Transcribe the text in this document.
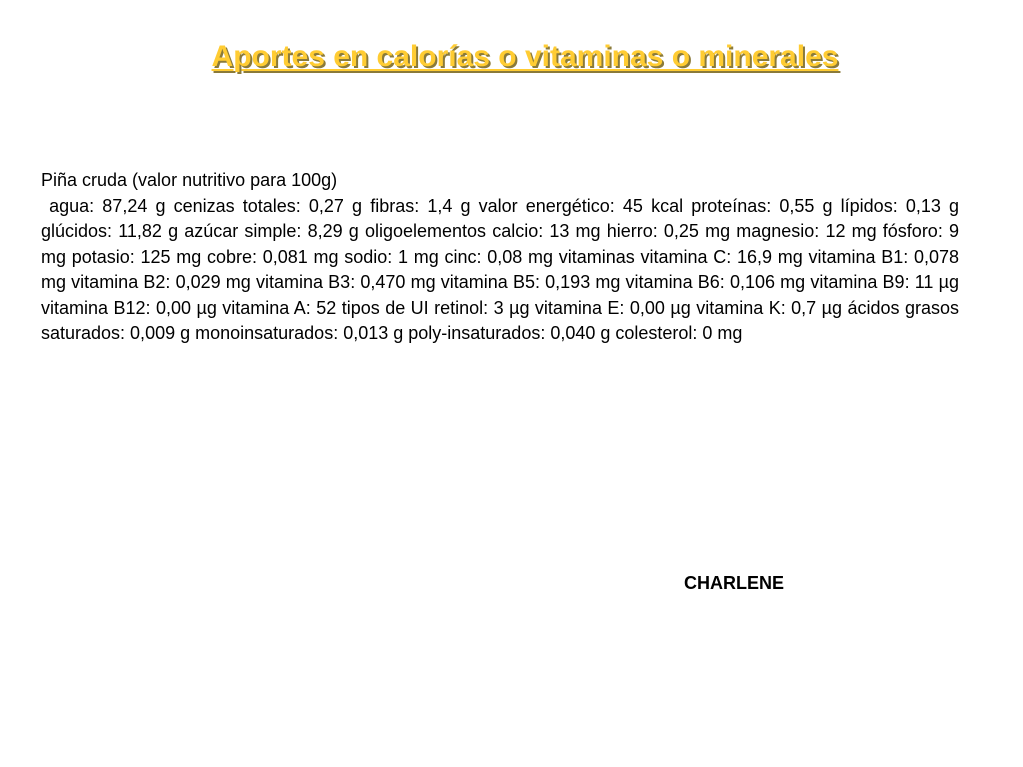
Aportes en calorías o vitaminas o minerales

Piña cruda (valor nutritivo para 100g)

agua: 87,24 g cenizas totales: 0,27 g fibras: 1,4 g valor energético: 45 kcal proteínas: 0,55 g lípidos: 0,13 g glúcidos: 11,82 g azúcar simple: 8,29 g oligoelementos calcio: 13 mg hierro: 0,25 mg magnesio: 12 mg fósforo: 9 mg potasio: 125 mg cobre: 0,081 mg sodio: 1 mg cinc: 0,08 mg vitaminas vitamina C: 16,9 mg vitamina B1: 0,078 mg vitamina B2: 0,029 mg vitamina B3: 0,470 mg vitamina B5: 0,193 mg vitamina B6: 0,106 mg vitamina B9: 11 µg vitamina B12: 0,00 µg vitamina A: 52 tipos de UI retinol: 3 µg vitamina E: 0,00 µg vitamina K: 0,7 µg ácidos grasos saturados: 0,009 g monoinsaturados: 0,013 g poly-insaturados: 0,040 g colesterol: 0 mg

CHARLENE
